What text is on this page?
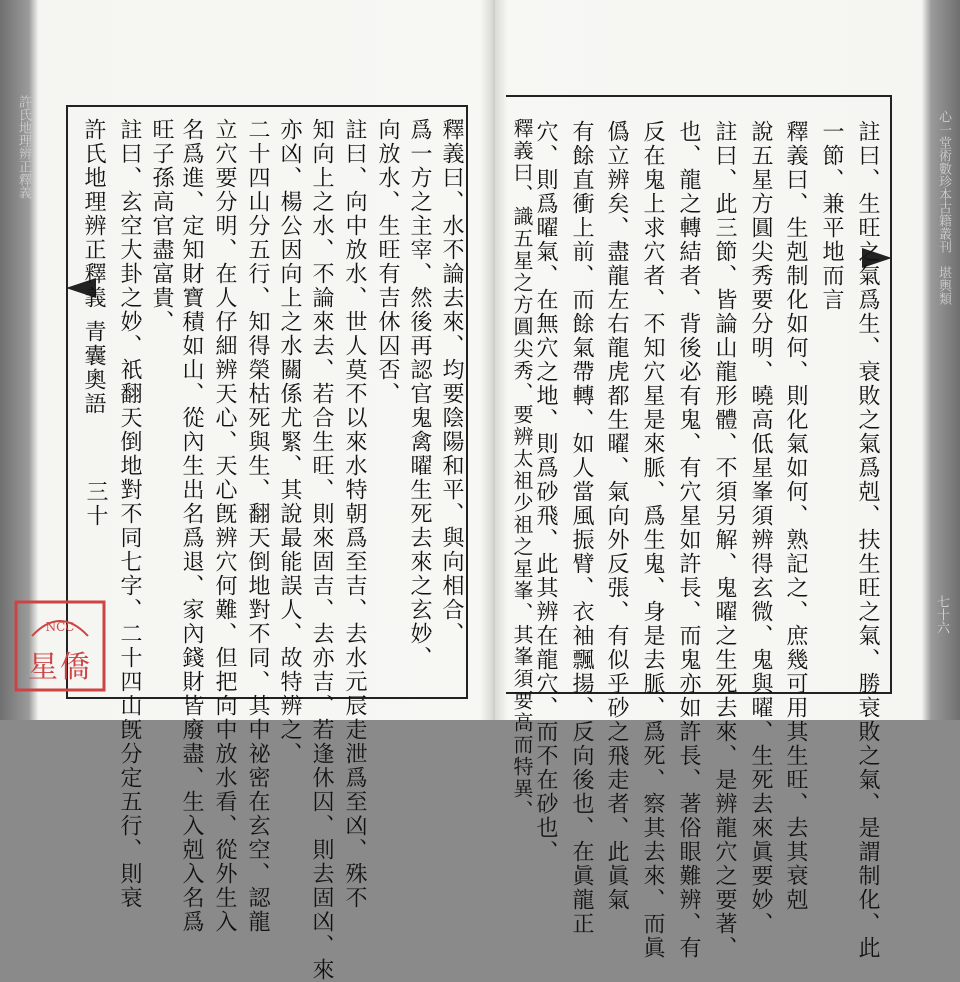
心一堂術數珍本古籍叢刊　堪輿類
七十六
許氏地理辨正釋義	註曰、生旺之氣爲生、衰敗之氣爲剋、扶生旺之氣、勝衰敗之氣、是謂制化、此
一節、兼平地而言
釋義曰、生剋制化如何、則化氣如何、熟記之、庶幾可用其生旺、去其衰剋
說五星方圓尖秀要分明、曉高低星峯須辨得玄微、鬼與曜、生死去來眞要妙、
註曰、此三節、皆論山龍形體、不須另解、鬼曜之生死去來、是辨龍穴之要著、
也、龍之轉結者、背後必有鬼、有穴星如許長、而鬼亦如許長、著俗眼難辨、有
反在鬼上求穴者、不知穴星是來脈、爲生鬼、身是去脈、爲死、察其去來、而眞
僞立辨矣、盡龍左右龍虎都生曜、氣向外反張、有似乎砂之飛走者、此眞氣
有餘直衝上前、而餘氣帶轉、如人當風振臂、衣袖飄揚、反向後也、在眞龍正
穴、則爲曜氣、在無穴之地、則爲砂飛、此其辨在龍穴、而不在砂也、
釋義曰、識五星之方圓尖秀、要辨太祖少祖之星峯、其峯須要高而特異、
許氏地理辨正釋義
青囊奧語
三十 註曰、玄空大卦之妙、祇翻天倒地對不同七字、二十四山旣分定五行、則衰 旺子孫高官盡富貴、 名爲進、定知財寶積如山、從內生出名爲退、家內錢財皆廢盡、生入剋入名爲 立穴要分明、在人仔細辨天心、天心旣辨穴何難、但把向中放水看、從外生入 二十四山分五行、知得榮枯死與生、翻天倒地對不同、其中祕密在玄空、認龍 亦凶、楊公因向上之水關係尤緊、其說最能誤人、故特辨之、 知向上之水、不論來去、若合生旺、則來固吉、去亦吉、若逢休囚、則去固凶、來 註曰、向中放水、世人莫不以來水特朝爲至吉、去水元辰走泄爲至凶、殊不 向放水、生旺有吉休囚否、 爲一方之主宰、然後再認官鬼禽曜生死去來之玄妙、 釋義曰、水不論去來、均要陰陽和平、與向相合、
NCC
星僑
